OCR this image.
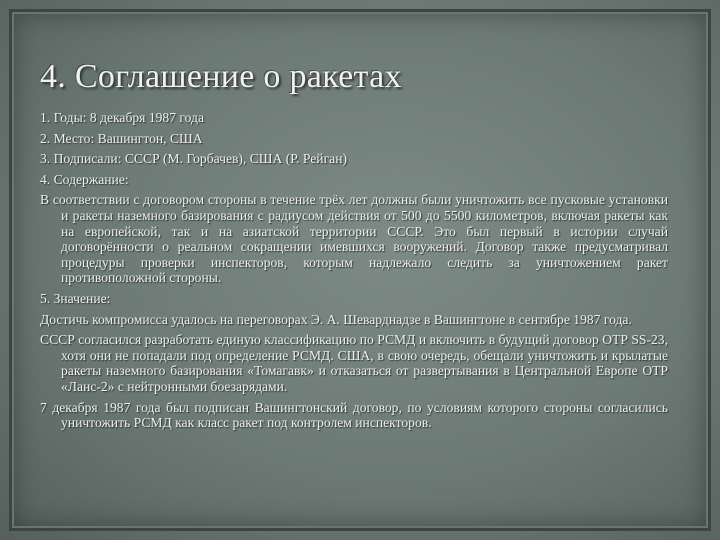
4. Соглашение о ракетах

1. Годы: 8 декабря 1987 года

2. Место: Вашингтон, США

3. Подписали: СССР (М. Горбачев), США (Р. Рейган)

4. Содержание:

В соответствии с договором стороны в течение трёх лет должны были уничтожить все пусковые установки и ракеты наземного базирования с радиусом действия от 500 до 5500 километров, включая ракеты как на европейской, так и на азиатской территории СССР. Это был первый в истории случай договорённости о реальном сокращении имевшихся вооружений. Договор также предусматривал процедуры проверки инспекторов, которым надлежало следить за уничтожением ракет противоположной стороны.

5. Значение:

Достичь компромисса удалось на переговорах Э. А. Шеварднадзе в Вашингтоне в сентябре 1987 года.

СССР согласился разработать единую классификацию по РСМД и включить в будущий договор ОТР SS-23, хотя они не попадали под определение РСМД. США, в свою очередь, обещали уничтожить и крылатые ракеты наземного базирования «Томагавк» и отказаться от развертывания в Центральной Европе ОТР «Ланс-2» с нейтронными боезарядами.

7 декабря 1987 года был подписан Вашингтонский договор, по условиям которого стороны согласились уничтожить РСМД как класс ракет под контролем инспекторов.
